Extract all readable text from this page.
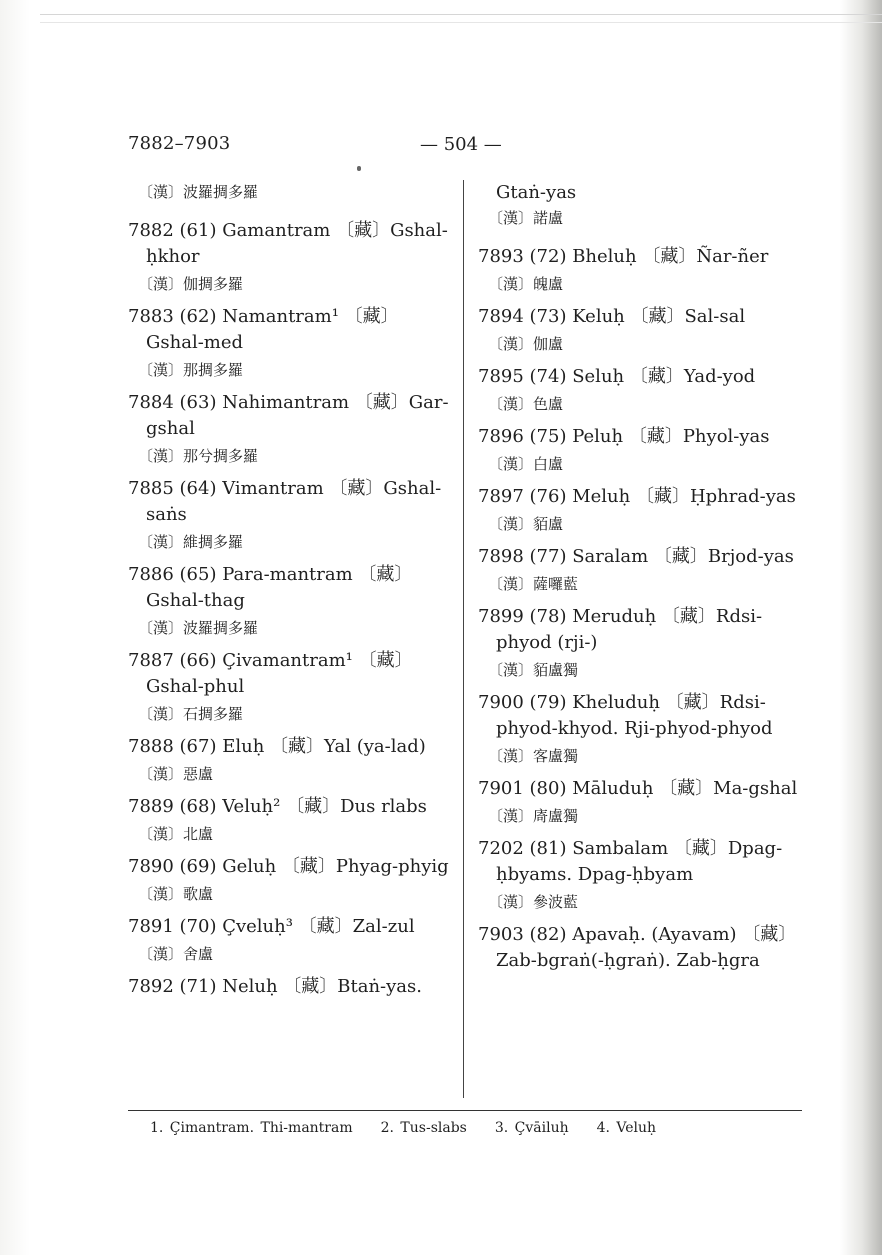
7882–7903	— 504 —
〔漢〕波羅㨄多羅
7882 (61) Gamantram 〔藏〕Gshal-ḥkhor
〔漢〕伽㨄多羅
7883 (62) Namantram¹ 〔藏〕Gshal-med
〔漢〕那㨄多羅
7884 (63) Nahimantram 〔藏〕Gar-gshal
〔漢〕那兮㨄多羅
7885 (64) Vimantram 〔藏〕Gshal-saṅs
〔漢〕維㨄多羅
7886 (65) Para-mantram 〔藏〕Gshal-thag
〔漢〕波羅㨄多羅
7887 (66) Çivamantram¹ 〔藏〕Gshal-phul
〔漢〕石㨄多羅
7888 (67) Eluḥ 〔藏〕Yal (ya-lad)
〔漢〕惡盧
7889 (68) Veluḥ² 〔藏〕Dus rlabs
〔漢〕北盧
7890 (69) Geluḥ 〔藏〕Phyag-phyig
〔漢〕歌盧
7891 (70) Çveluḥ³ 〔藏〕Zal-zul
〔漢〕舍盧
7892 (71) Neluḥ 〔藏〕Btaṅ-yas.
Gtaṅ-yas
〔漢〕諾盧
7893 (72) Bheluḥ 〔藏〕Ñar-ñer
〔漢〕魄盧
7894 (73) Keluḥ 〔藏〕Sal-sal
〔漢〕伽盧
7895 (74) Seluḥ 〔藏〕Yad-yod
〔漢〕色盧
7896 (75) Peluḥ 〔藏〕Phyol-yas
〔漢〕白盧
7897 (76) Meluḥ 〔藏〕Ḥphrad-yas
〔漢〕貊盧
7898 (77) Saralam 〔藏〕Brjod-yas
〔漢〕薩囉藍
7899 (78) Meruduḥ 〔藏〕Rdsi-phyod (rji-)
〔漢〕貊盧獨
7900 (79) Kheluduḥ 〔藏〕Rdsi-phyod-khyod. Rji-phyod-phyod
〔漢〕客盧獨
7901 (80) Māluduḥ 〔藏〕Ma-gshal
〔漢〕㢊盧獨
7202 (81) Sambalam 〔藏〕Dpag-ḥbyams. Dpag-ḥbyam
〔漢〕參波藍
7903 (82) Apavaḥ. (Ayavam) 〔藏〕Zab-bgraṅ(-ḥgraṅ). Zab-ḥgra
1. Çimantram. Thi-mantram 2. Tus-slabs 3. Çvāiluḥ 4. Veluḥ
